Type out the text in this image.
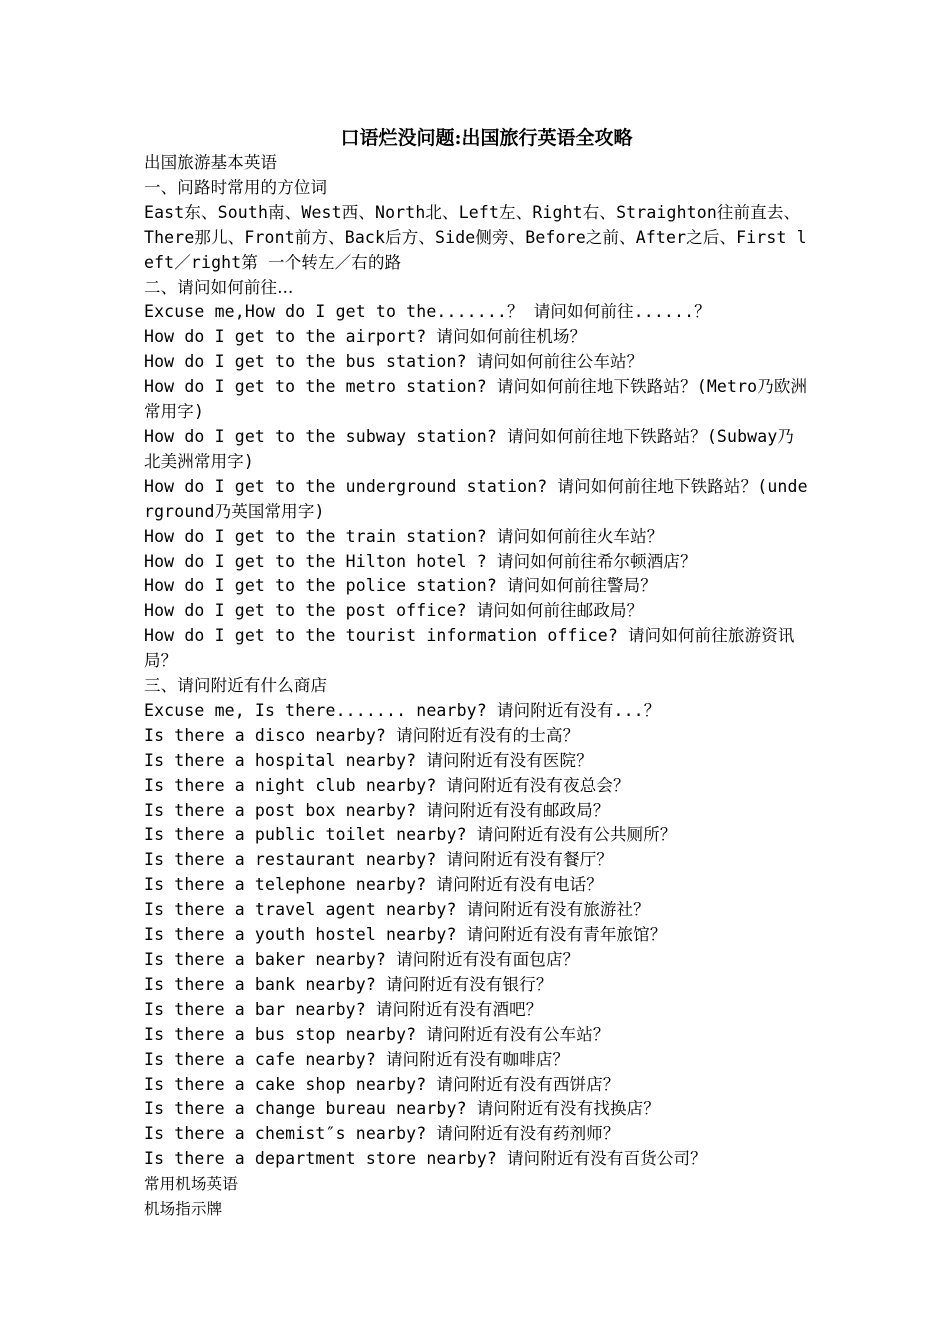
口语烂没问题:出国旅行英语全攻略
出国旅游基本英语
一、问路时常用的方位词
East东、South南、West西、North北、Left左、Right右、Straighton往前直去、There那儿、Front前方、Back后方、Side侧旁、Before之前、After之后、First left／right第 一个转左／右的路
二、请问如何前往...
Excuse me,How do I get to the.......？ 请问如何前往......？
How do I get to the airport? 请问如何前往机场？
How do I get to the bus station? 请问如何前往公车站？
How do I get to the metro station? 请问如何前往地下铁路站？(Metro乃欧洲常用字)
How do I get to the subway station? 请问如何前往地下铁路站？(Subway乃北美洲常用字)
How do I get to the underground station? 请问如何前往地下铁路站？(underground乃英国常用字)
How do I get to the train station? 请问如何前往火车站？
How do I get to the Hilton hotel ? 请问如何前往希尔顿酒店？
How do I get to the police station? 请问如何前往警局？
How do I get to the post office? 请问如何前往邮政局？
How do I get to the tourist information office? 请问如何前往旅游资讯局？
三、请问附近有什么商店
Excuse me, Is there....... nearby? 请问附近有没有...？
Is there a disco nearby? 请问附近有没有的士高？
Is there a hospital nearby? 请问附近有没有医院？
Is there a night club nearby? 请问附近有没有夜总会？
Is there a post box nearby? 请问附近有没有邮政局？
Is there a public toilet nearby? 请问附近有没有公共厕所？
Is there a restaurant nearby? 请问附近有没有餐厅？
Is there a telephone nearby? 请问附近有没有电话？
Is there a travel agent nearby? 请问附近有没有旅游社？
Is there a youth hostel nearby? 请问附近有没有青年旅馆？
Is there a baker nearby? 请问附近有没有面包店？
Is there a bank nearby? 请问附近有没有银行？
Is there a bar nearby? 请问附近有没有酒吧？
Is there a bus stop nearby? 请问附近有没有公车站？
Is there a cafe nearby? 请问附近有没有咖啡店？
Is there a cake shop nearby? 请问附近有没有西饼店？
Is there a change bureau nearby? 请问附近有没有找换店？
Is there a chemist″s nearby? 请问附近有没有药剂师？
Is there a department store nearby? 请问附近有没有百货公司？
常用机场英语
机场指示牌
